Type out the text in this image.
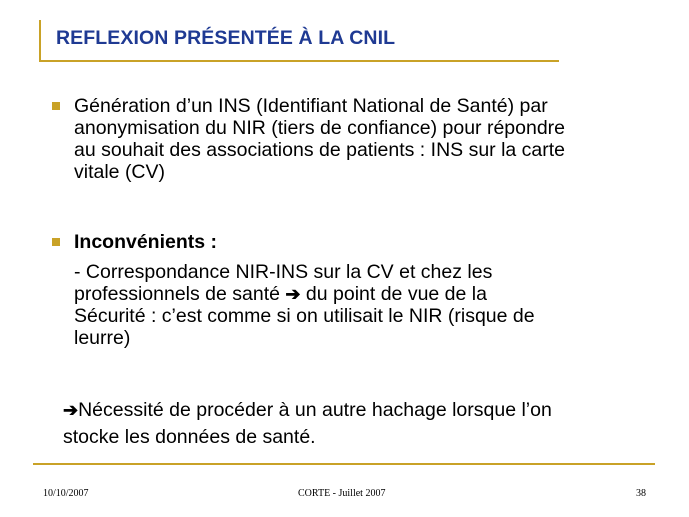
REFLEXION PRÉSENTÉE À LA CNIL
Génération d’un INS (Identifiant National de Santé) par
anonymisation du NIR (tiers de confiance) pour répondre
au souhait des associations de patients : INS sur la carte
vitale (CV)
Inconvénients :
- Correspondance NIR-INS sur la CV et chez les
professionnels de santé ➔ du point de vue de la
Sécurité : c’est comme si on utilisait le NIR (risque de
leurre)
➔Nécessité de procéder à un autre hachage lorsque l’on
stocke les données de santé.
10/10/2007	CORTE - Juillet 2007	38
